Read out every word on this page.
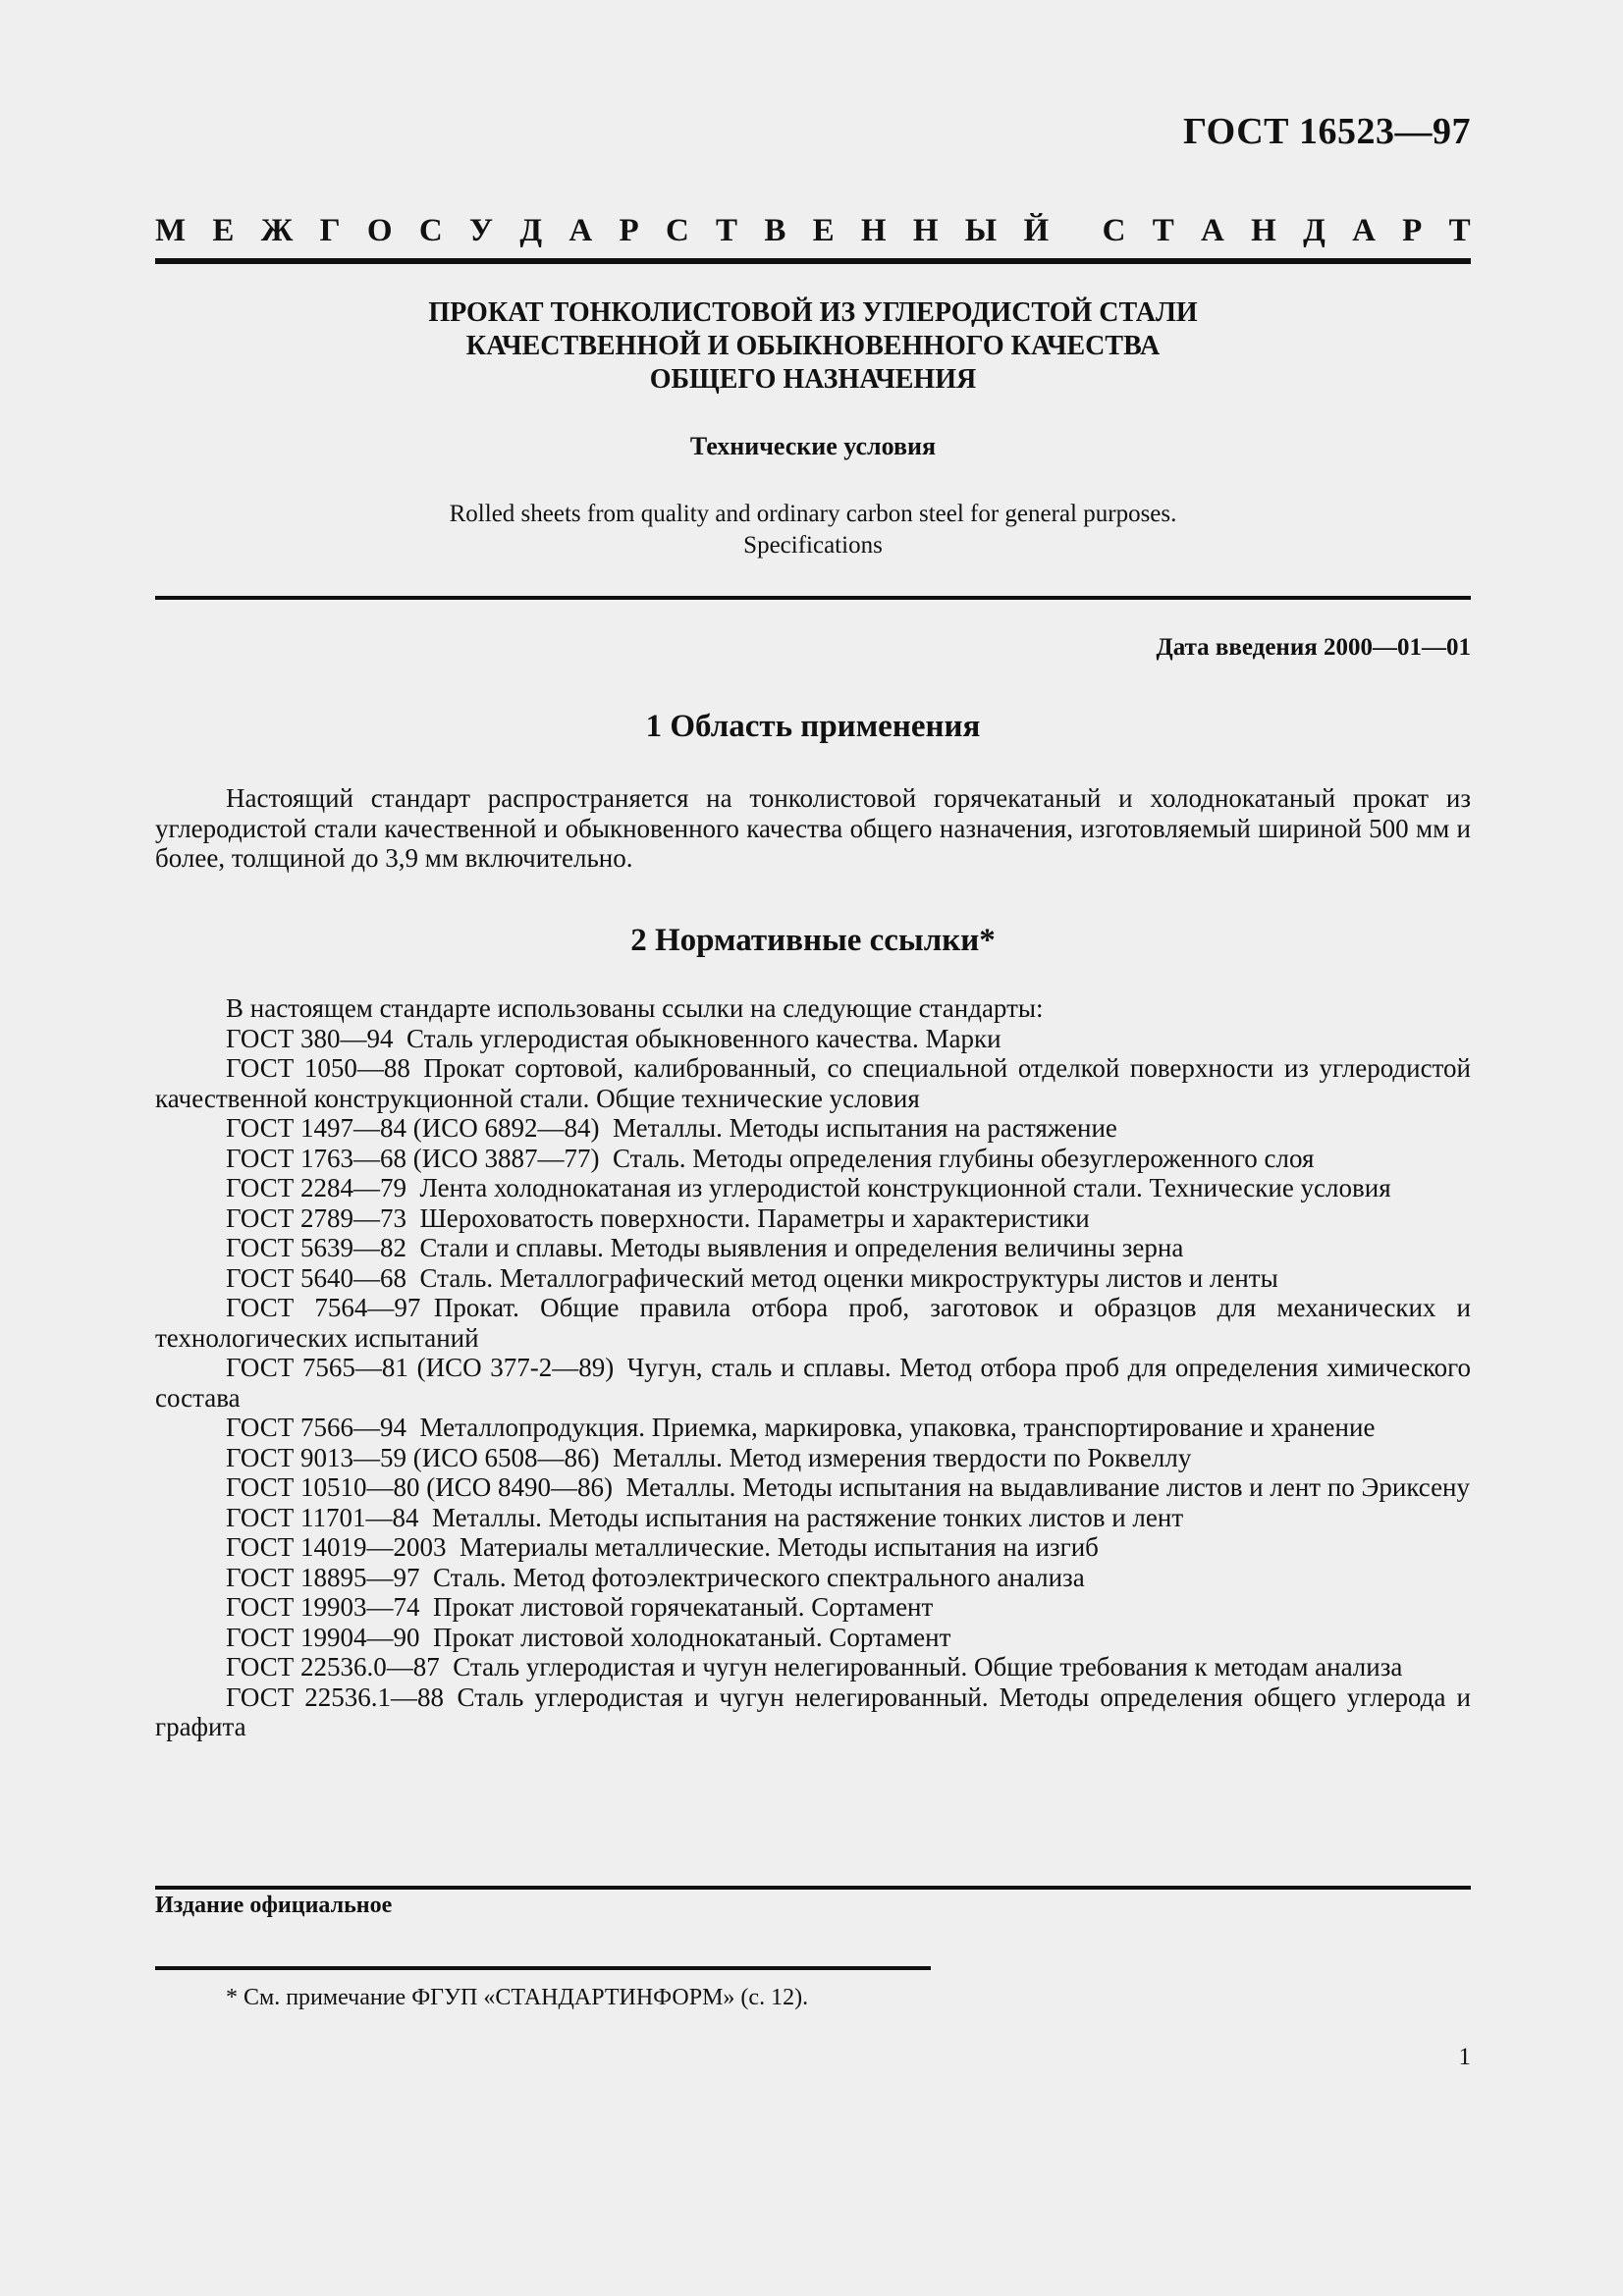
ГОСТ 16523—97
М Е Ж Г О С У Д А Р С Т В Е Н Н Ы Й С Т А Н Д А Р Т
ПРОКАТ ТОНКОЛИСТОВОЙ ИЗ УГЛЕРОДИСТОЙ СТАЛИ
КАЧЕСТВЕННОЙ И ОБЫКНОВЕННОГО КАЧЕСТВА
ОБЩЕГО НАЗНАЧЕНИЯ
Технические условия
Rolled sheets from quality and ordinary carbon steel for general purposes.
Specifications
Дата введения 2000—01—01
1 Область применения

Настоящий стандарт распространяется на тонколистовой горячекатаный и холоднокатаный прокат из углеродистой стали качественной и обыкновенного качества общего назначения, изготовляемый шириной 500 мм и более, толщиной до 3,9 мм включительно.

2 Нормативные ссылки*

В настоящем стандарте использованы ссылки на следующие стандарты:

ГОСТ 380—94  Сталь углеродистая обыкновенного качества. Марки

ГОСТ 1050—88  Прокат сортовой, калиброванный, со специальной отделкой поверхности из углеродистой качественной конструкционной стали. Общие технические условия

ГОСТ 1497—84 (ИСО 6892—84)  Металлы. Методы испытания на растяжение

ГОСТ 1763—68 (ИСО 3887—77)  Сталь. Методы определения глубины обезуглероженного слоя

ГОСТ 2284—79  Лента холоднокатаная из углеродистой конструкционной стали. Технические условия

ГОСТ 2789—73  Шероховатость поверхности. Параметры и характеристики

ГОСТ 5639—82  Стали и сплавы. Методы выявления и определения величины зерна

ГОСТ 5640—68  Сталь. Металлографический метод оценки микроструктуры листов и ленты

ГОСТ 7564—97  Прокат. Общие правила отбора проб, заготовок и образцов для механических и технологических испытаний

ГОСТ 7565—81 (ИСО 377-2—89)  Чугун, сталь и сплавы. Метод отбора проб для определения химического состава

ГОСТ 7566—94  Металлопродукция. Приемка, маркировка, упаковка, транспортирование и хранение

ГОСТ 9013—59 (ИСО 6508—86)  Металлы. Метод измерения твердости по Роквеллу

ГОСТ 10510—80 (ИСО 8490—86)  Металлы. Методы испытания на выдавливание листов и лент по Эриксену

ГОСТ 11701—84  Металлы. Методы испытания на растяжение тонких листов и лент

ГОСТ 14019—2003  Материалы металлические. Методы испытания на изгиб

ГОСТ 18895—97  Сталь. Метод фотоэлектрического спектрального анализа

ГОСТ 19903—74  Прокат листовой горячекатаный. Сортамент

ГОСТ 19904—90  Прокат листовой холоднокатаный. Сортамент

ГОСТ 22536.0—87  Сталь углеродистая и чугун нелегированный. Общие требования к методам анализа

ГОСТ 22536.1—88  Сталь углеродистая и чугун нелегированный. Методы определения общего углерода и графита

Издание официальное
* См. примечание ФГУП «СТАНДАРТИНФОРМ» (с. 12).
1
